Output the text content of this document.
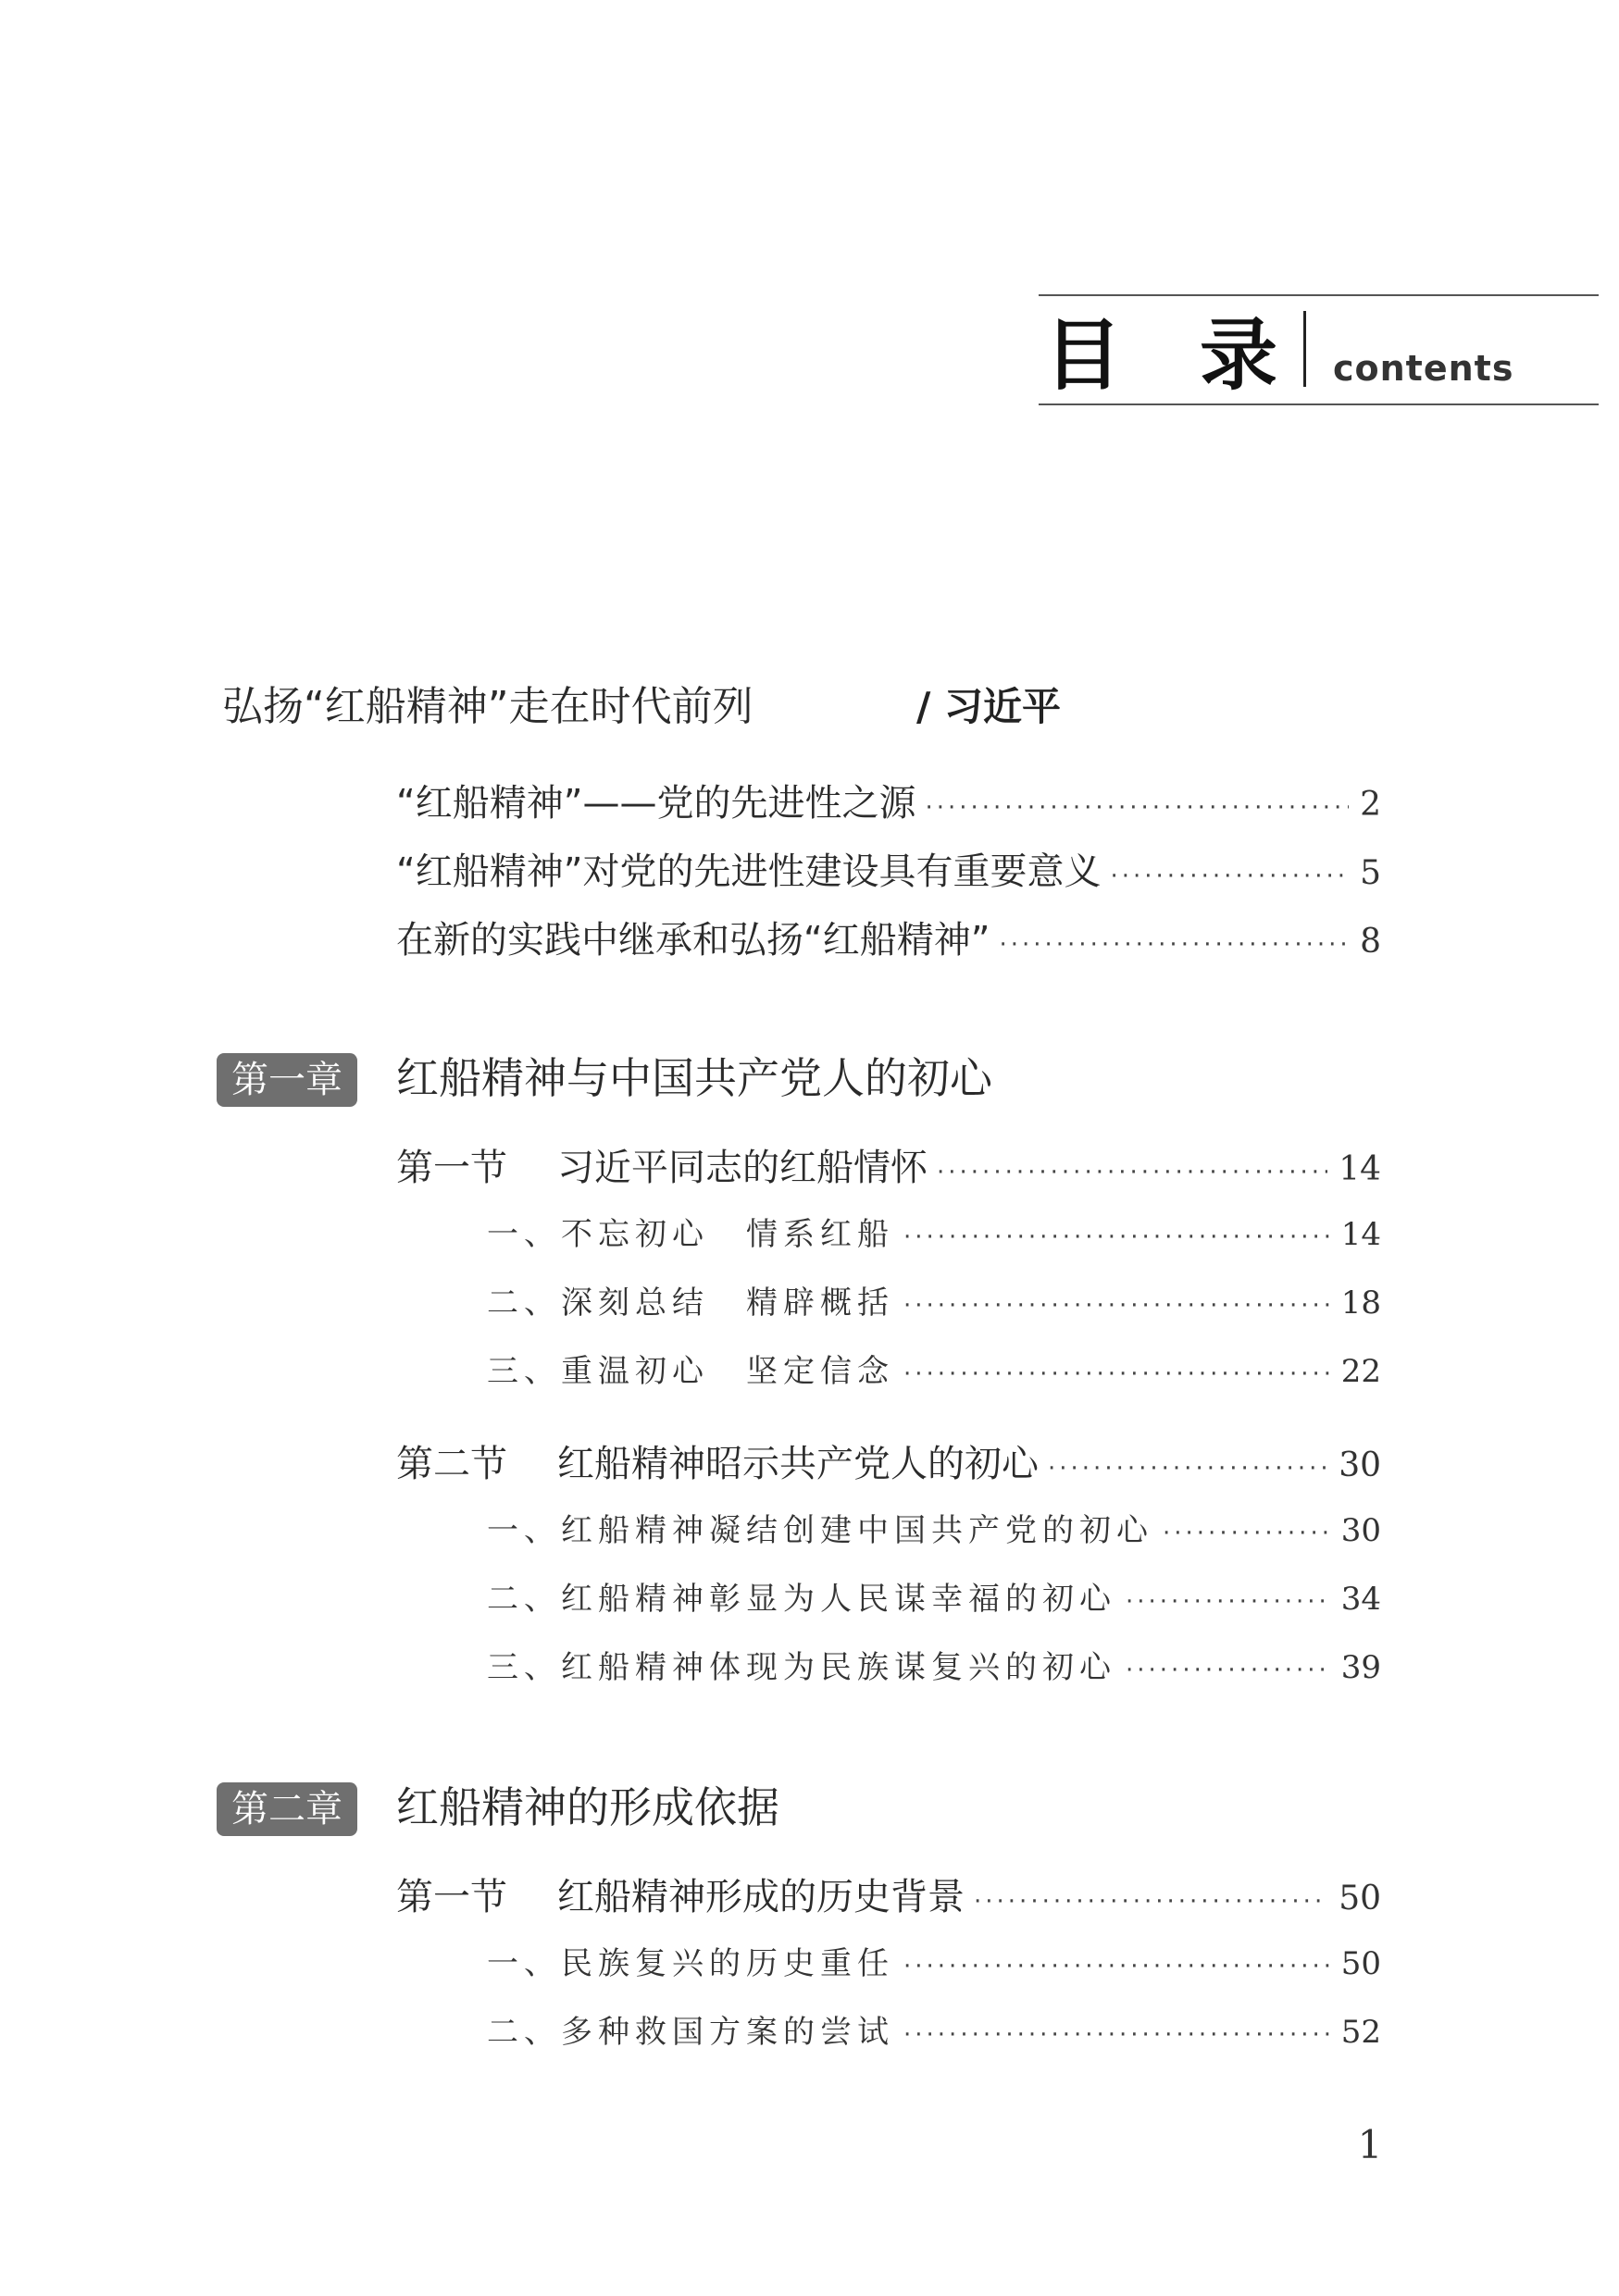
目　录 contents
弘扬“红船精神”走在时代前列	/ 习近平
“红船精神”——党的先进性之源 ·····	2
“红船精神”对党的先进性建设具有重要意义 ·····	5
在新的实践中继承和弘扬“红船精神” ·····	8
第一章	红船精神与中国共产党人的初心
第一节 习近平同志的红船情怀 ·····	14
一、不忘初心　情系红船 ·····	14
二、深刻总结　精辟概括 ·····	18
三、重温初心　坚定信念 ·····	22
第二节 红船精神昭示共产党人的初心 ·····	30
一、红船精神凝结创建中国共产党的初心 ·····	30
二、红船精神彰显为人民谋幸福的初心 ·····	34
三、红船精神体现为民族谋复兴的初心 ·····	39
第二章	红船精神的形成依据
第一节 红船精神形成的历史背景 ·····	50
一、民族复兴的历史重任 ·····	50
二、多种救国方案的尝试 ·····	52
1
